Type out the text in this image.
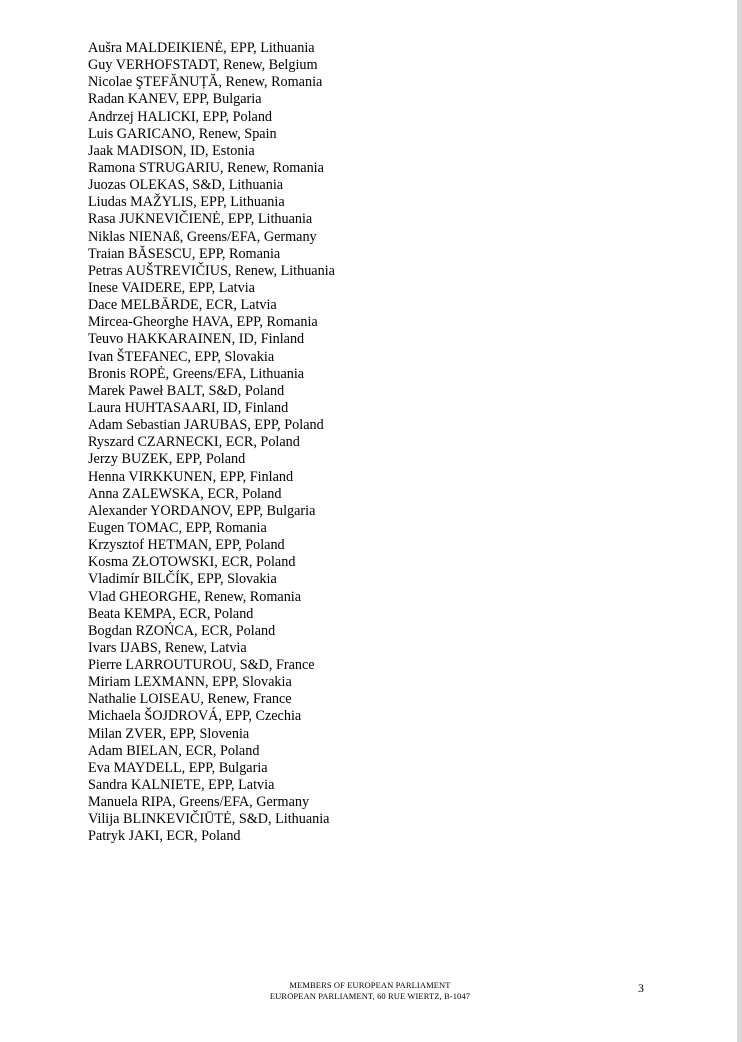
Aušra MALDEIKIENĖ, EPP, Lithuania
Guy VERHOFSTADT, Renew, Belgium
Nicolae ŞTEFĂNUȚĂ, Renew, Romania
Radan KANEV, EPP, Bulgaria
Andrzej HALICKI, EPP, Poland
Luis GARICANO, Renew, Spain
Jaak MADISON, ID, Estonia
Ramona STRUGARIU, Renew, Romania
Juozas OLEKAS, S&D, Lithuania
Liudas MAŽYLIS, EPP, Lithuania
Rasa JUKNEVIČIENĖ, EPP, Lithuania
Niklas NIENAß, Greens/EFA, Germany
Traian BĂSESCU, EPP, Romania
Petras AUŠTREVIČIUS, Renew, Lithuania
Inese VAIDERE, EPP, Latvia
Dace MELBĀRDE, ECR, Latvia
Mircea-Gheorghe HAVA, EPP, Romania
Teuvo HAKKARAINEN, ID, Finland
Ivan ŠTEFANEC, EPP, Slovakia
Bronis ROPĖ, Greens/EFA, Lithuania
Marek Paweł BALT, S&D, Poland
Laura HUHTASAARI, ID, Finland
Adam Sebastian JARUBAS, EPP, Poland
Ryszard CZARNECKI, ECR, Poland
Jerzy BUZEK, EPP, Poland
Henna VIRKKUNEN, EPP, Finland
Anna ZALEWSKA, ECR, Poland
Alexander YORDANOV, EPP, Bulgaria
Eugen TOMAC, EPP, Romania
Krzysztof HETMAN, EPP, Poland
Kosma ZŁOTOWSKI, ECR, Poland
Vladimír BILČÍK, EPP, Slovakia
Vlad GHEORGHE, Renew, Romania
Beata KEMPA, ECR, Poland
Bogdan RZOŃCA, ECR, Poland
Ivars IJABS, Renew, Latvia
Pierre LARROUTUROU, S&D, France
Miriam LEXMANN, EPP, Slovakia
Nathalie LOISEAU, Renew, France
Michaela ŠOJDROVÁ, EPP, Czechia
Milan ZVER, EPP, Slovenia
Adam BIELAN, ECR, Poland
Eva MAYDELL, EPP, Bulgaria
Sandra KALNIETE, EPP, Latvia
Manuela RIPA, Greens/EFA, Germany
Vilija BLINKEVIČIŪTĖ, S&D, Lithuania
Patryk JAKI, ECR, Poland
MEMBERS OF EUROPEAN PARLIAMENT
EUROPEAN PARLIAMENT, 60 RUE WIERTZ, B-1047
3
